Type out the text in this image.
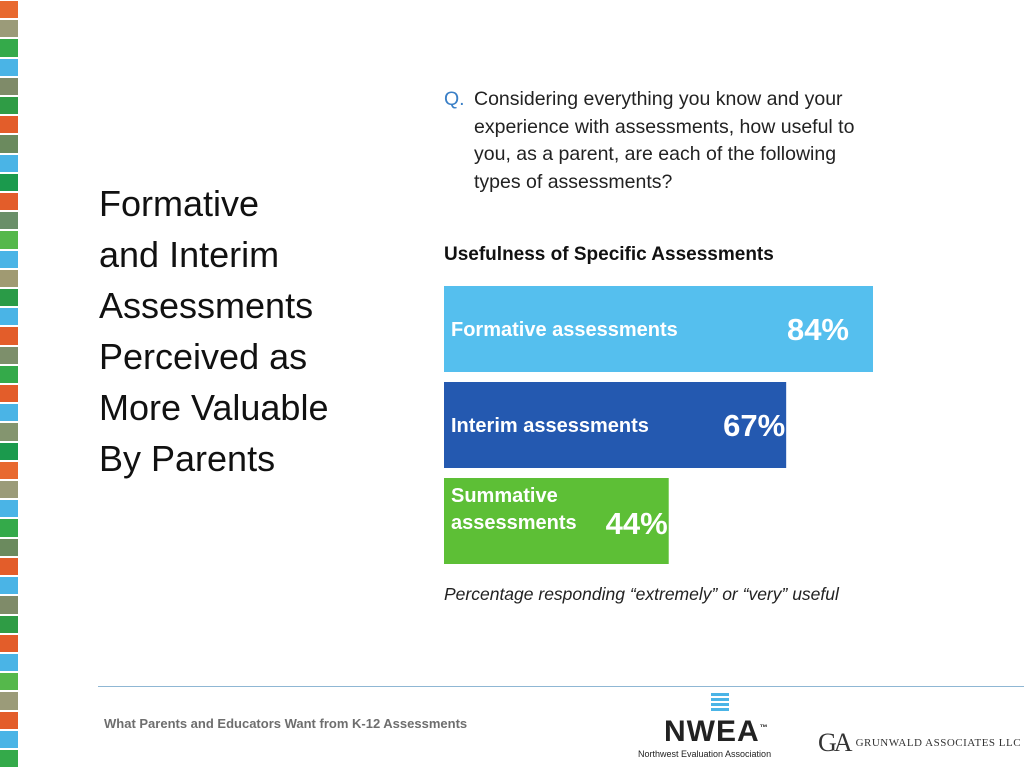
Formative
and Interim
Assessments
Perceived as
More Valuable
By Parents
Q. Considering everything you know and your experience with assessments, how useful to you, as a parent, are each of the following types of assessments?
Usefulness of Specific Assessments
Formative assessments	84%
Interim assessments 67%
Summative assessments 44%
Percentage responding “extremely” or “very” useful
What Parents and Educators Want from K-12 Assessments	NWEA™
Northwest Evaluation Association GA GRUNWALD ASSOCIATES LLC
